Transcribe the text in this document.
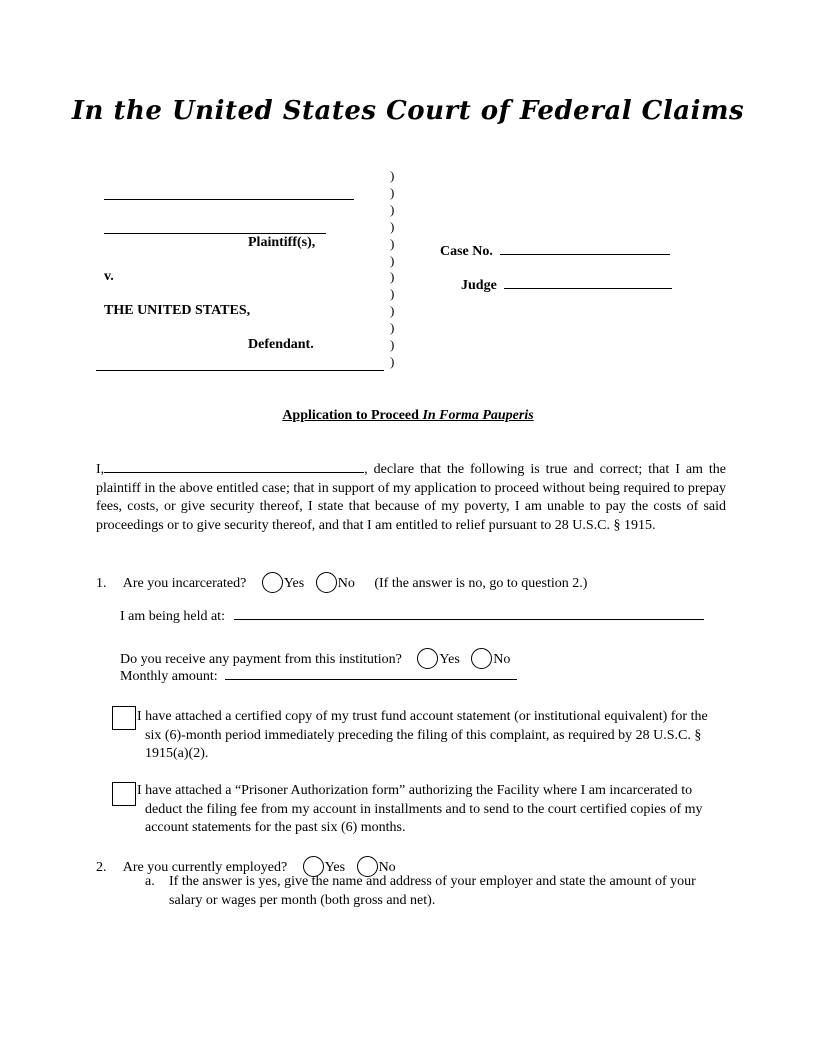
In the United States Court of Federal Claims
Plaintiff(s),
v.
THE UNITED STATES,
Defendant.
)
)
)
)
)
)
)
)
)
)
)
)
Case No.
Judge
Application to Proceed In Forma Pauperis
I,	, declare that the following is true and correct; that I am the plaintiff in the above entitled case; that in support of my application to proceed without being required to prepay fees, costs, or give security thereof, I state that because of my poverty, I am unable to pay the costs of said proceedings or to give security thereof, and that I am entitled to relief pursuant to 28 U.S.C. § 1915.
1. Are you incarcerated?	Yes No (If the answer is no, go to question 2.)
I am being held at:
Do you receive any payment from this institution?	Yes No
Monthly amount:
I have attached a certified copy of my trust fund account statement (or institutional equivalent) for the six (6)-month period immediately preceding the filing of this complaint, as required by 28 U.S.C. § 1915(a)(2).
I have attached a “Prisoner Authorization form” authorizing the Facility where I am incarcerated to deduct the filing fee from my account in installments and to send to the court certified copies of my account statements for the past six (6) months.
2. Are you currently employed?	Yes No
a. If the answer is yes, give the name and address of your employer and state the amount of your salary or wages per month (both gross and net).
